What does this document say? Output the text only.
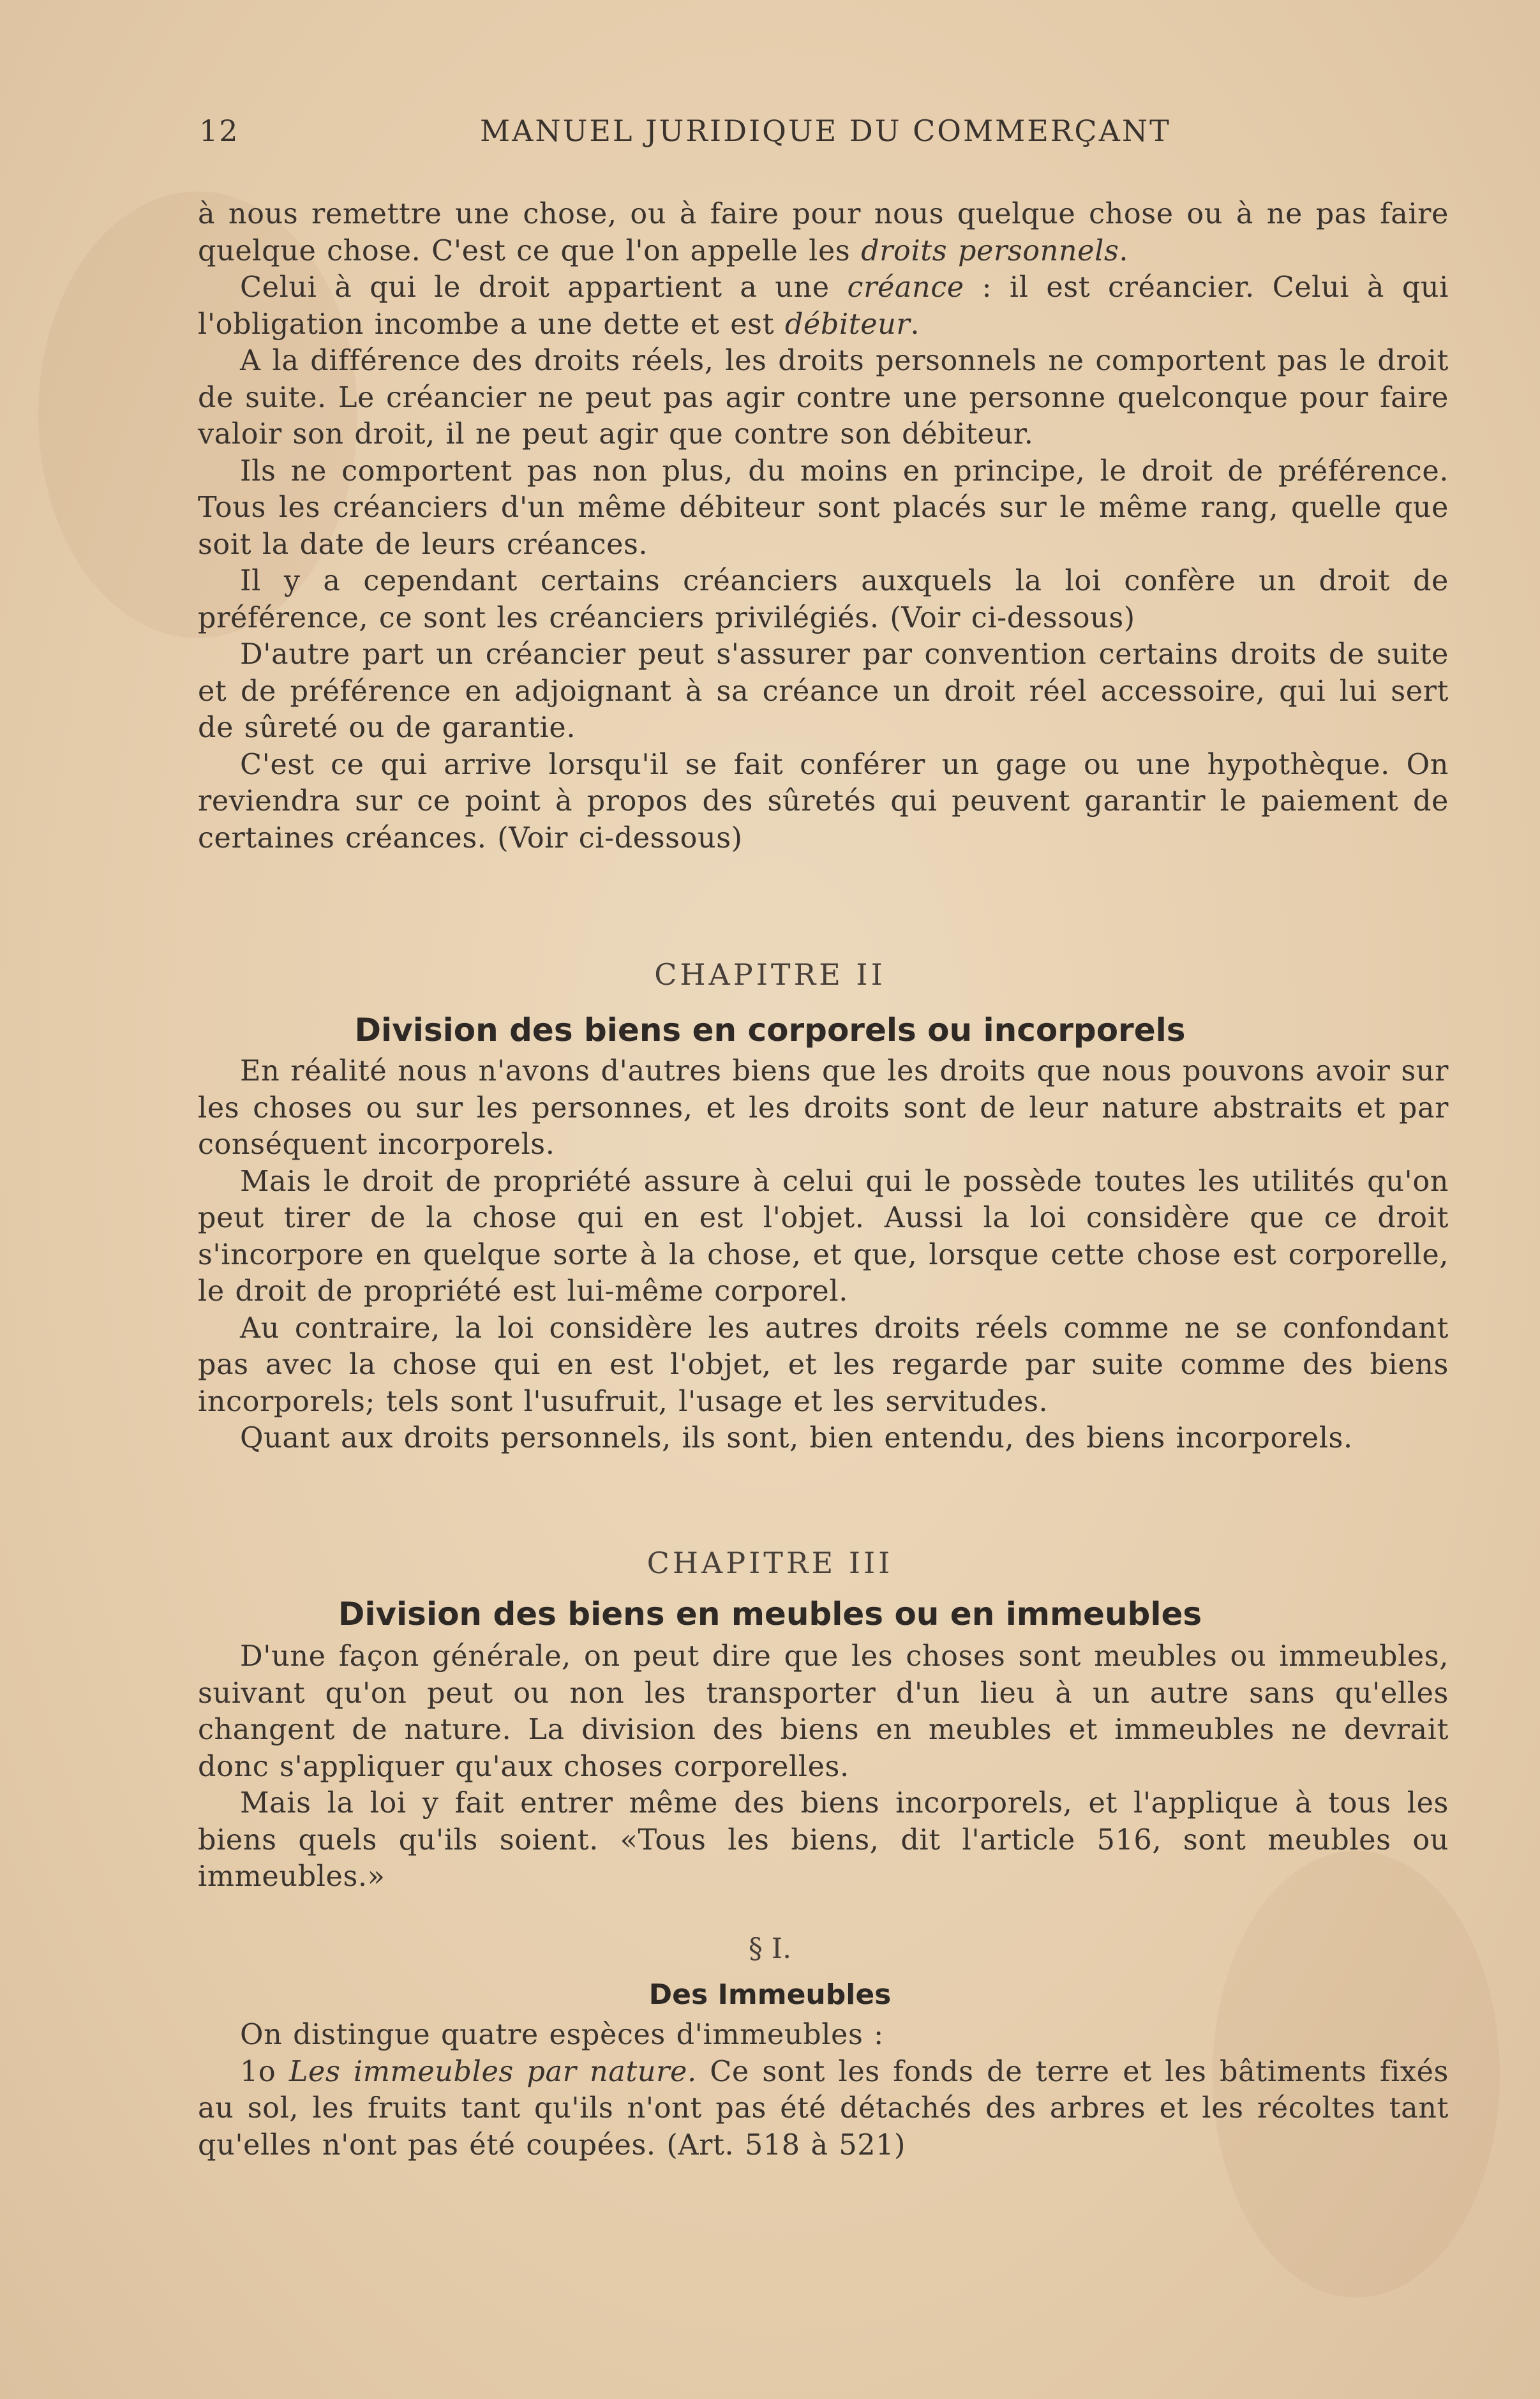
12	MANUEL JURIDIQUE DU COMMERÇANT

à nous remettre une chose, ou à faire pour nous quelque chose ou à ne pas faire quelque chose. C'est ce que l'on appelle les droits personnels.

Celui à qui le droit appartient a une créance : il est créancier. Celui à qui l'obligation incombe a une dette et est débiteur.

A la différence des droits réels, les droits personnels ne comportent pas le droit de suite. Le créancier ne peut pas agir contre une personne quelconque pour faire valoir son droit, il ne peut agir que contre son débiteur.

Ils ne comportent pas non plus, du moins en principe, le droit de préférence. Tous les créanciers d'un même débiteur sont placés sur le même rang, quelle que soit la date de leurs créances.

Il y a cependant certains créanciers auxquels la loi confère un droit de préférence, ce sont les créanciers privilégiés. (Voir ci-dessous)

D'autre part un créancier peut s'assurer par convention certains droits de suite et de préférence en adjoignant à sa créance un droit réel accessoire, qui lui sert de sûreté ou de garantie.

C'est ce qui arrive lorsqu'il se fait conférer un gage ou une hypothèque. On reviendra sur ce point à propos des sûretés qui peuvent garantir le paiement de certaines créances. (Voir ci-dessous)

CHAPITRE II
Division des biens en corporels ou incorporels

En réalité nous n'avons d'autres biens que les droits que nous pouvons avoir sur les choses ou sur les personnes, et les droits sont de leur nature abstraits et par conséquent incorporels.

Mais le droit de propriété assure à celui qui le possède toutes les utilités qu'on peut tirer de la chose qui en est l'objet. Aussi la loi considère que ce droit s'incorpore en quelque sorte à la chose, et que, lorsque cette chose est corporelle, le droit de propriété est lui-même corporel.

Au contraire, la loi considère les autres droits réels comme ne se confondant pas avec la chose qui en est l'objet, et les regarde par suite comme des biens incorporels; tels sont l'usufruit, l'usage et les servitudes.

Quant aux droits personnels, ils sont, bien entendu, des biens incorporels.

CHAPITRE III
Division des biens en meubles ou en immeubles

D'une façon générale, on peut dire que les choses sont meubles ou immeubles, suivant qu'on peut ou non les transporter d'un lieu à un autre sans qu'elles changent de nature. La division des biens en meubles et immeubles ne devrait donc s'appliquer qu'aux choses corporelles.

Mais la loi y fait entrer même des biens incorporels, et l'applique à tous les biens quels qu'ils soient. «Tous les biens, dit l'article 516, sont meubles ou immeubles.»

§ I.
Des Immeubles

On distingue quatre espèces d'immeubles :

1o Les immeubles par nature. Ce sont les fonds de terre et les bâtiments fixés au sol, les fruits tant qu'ils n'ont pas été détachés des arbres et les récoltes tant qu'elles n'ont pas été coupées. (Art. 518 à 521)
